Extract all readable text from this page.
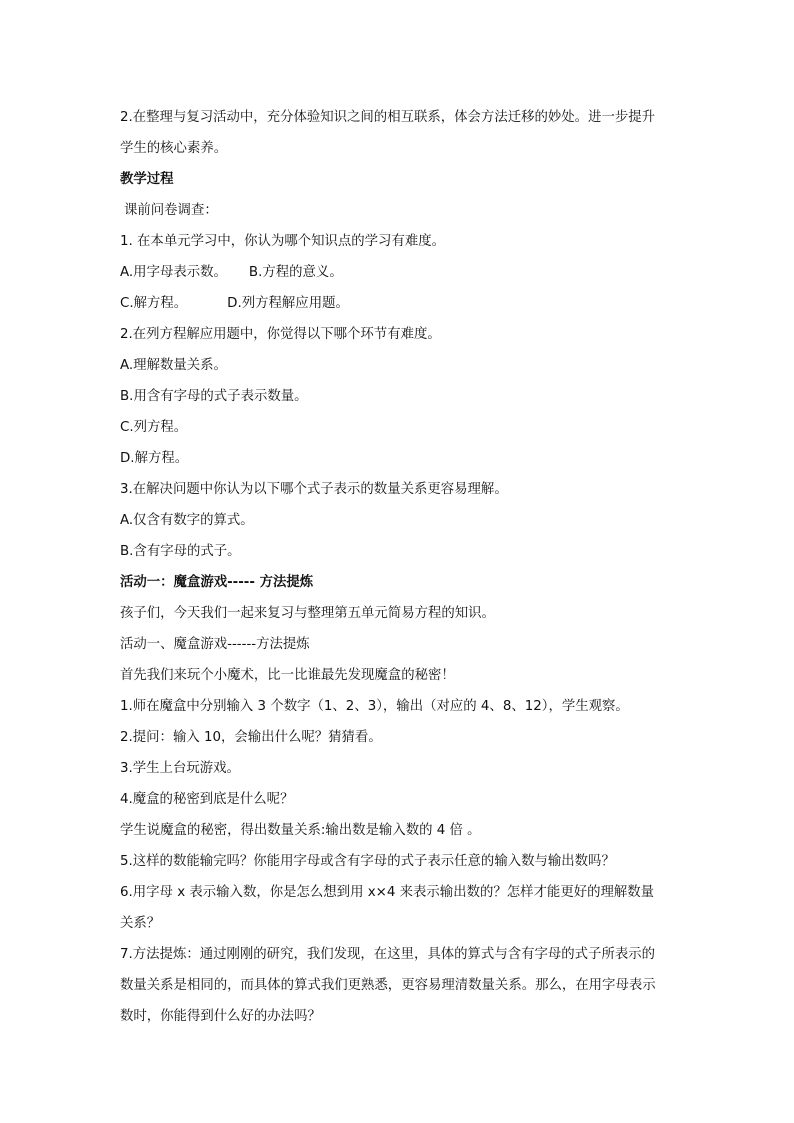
2.在整理与复习活动中，充分体验知识之间的相互联系，体会方法迁移的妙处。进一步提升
学生的核心素养。
教学过程
课前问卷调查：
1. 在本单元学习中，你认为哪个知识点的学习有难度。
A.用字母表示数。 B.方程的意义。
C.解方程。	D.列方程解应用题。
2.在列方程解应用题中，你觉得以下哪个环节有难度。
A.理解数量关系。
B.用含有字母的式子表示数量。
C.列方程。
D.解方程。
3.在解决问题中你认为以下哪个式子表示的数量关系更容易理解。
A.仅含有数字的算式。
B.含有字母的式子。
活动一：魔盒游戏----- 方法提炼
孩子们，今天我们一起来复习与整理第五单元简易方程的知识。
活动一、魔盒游戏------方法提炼
首先我们来玩个小魔术，比一比谁最先发现魔盒的秘密！
1.师在魔盒中分别输入 3 个数字（1、2、3），输出（对应的 4、8、12），学生观察。
2.提问：输入 10，会输出什么呢？猜猜看。
3.学生上台玩游戏。
4.魔盒的秘密到底是什么呢？
学生说魔盒的秘密，得出数量关系:输出数是输入数的 4 倍 。
5.这样的数能输完吗？你能用字母或含有字母的式子表示任意的输入数与输出数吗？
6.用字母 x 表示输入数，你是怎么想到用 x×4 来表示输出数的？怎样才能更好的理解数量
关系？
7.方法提炼：通过刚刚的研究，我们发现，在这里，具体的算式与含有字母的式子所表示的
数量关系是相同的，而具体的算式我们更熟悉，更容易理清数量关系。那么，在用字母表示
数时，你能得到什么好的办法吗？
